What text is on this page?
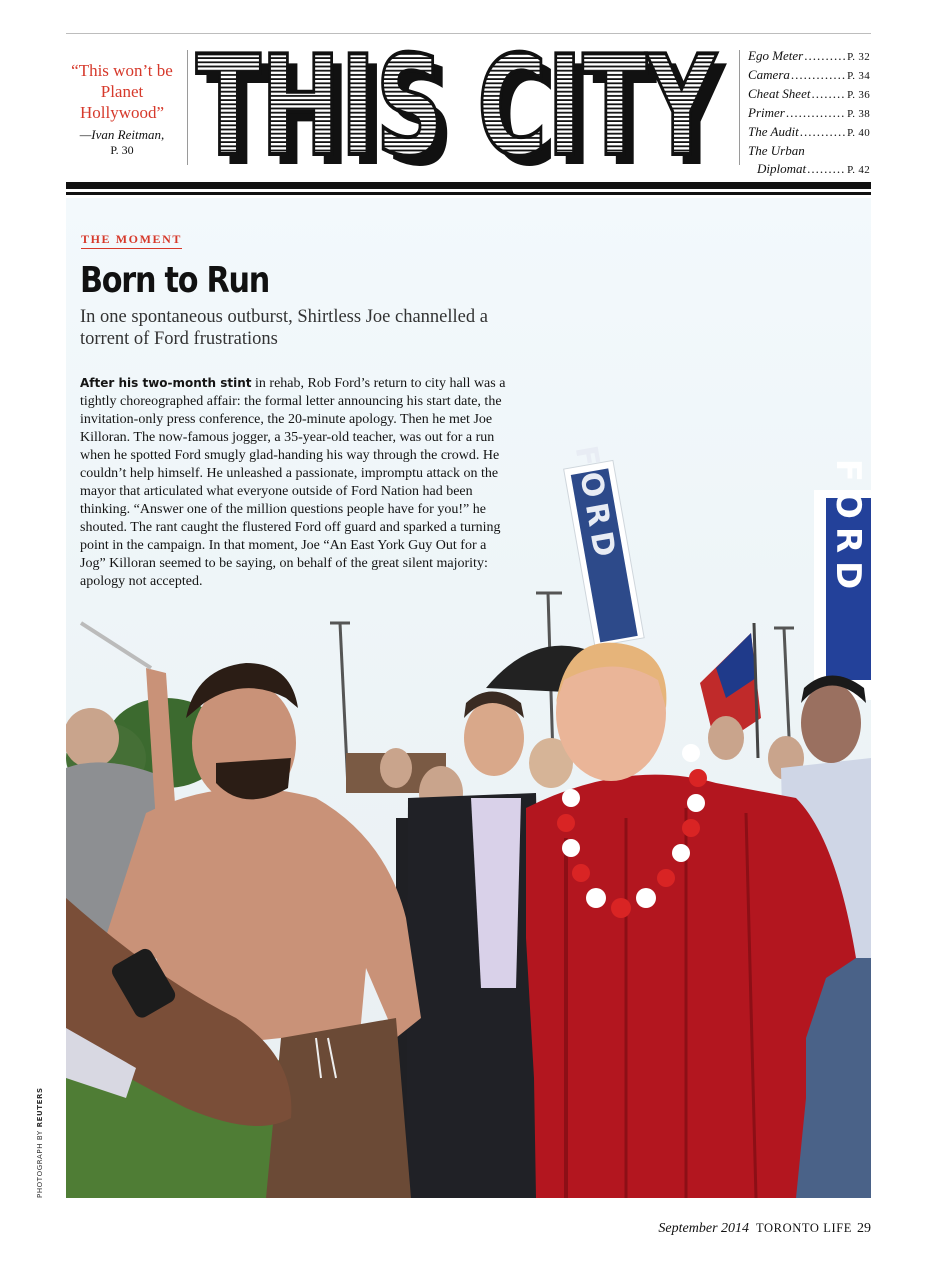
“This won’t be Planet Hollywood”
—Ivan Reitman,
P. 30 THIS CITY
THIS CITY Ego Meter .....	P. 32
Camera .....	P. 34
Cheat Sheet .....	P. 36
Primer .....	P. 38
The Audit .....	P. 40
The Urban
Diplomat .....	P. 42
FORD	FORD
THE MOMENT
Born to Run
In one spontaneous outburst, Shirtless Joe channelled a torrent of Ford frustrations
After his two-month stint in rehab, Rob Ford’s return to city hall was a tightly choreographed affair: the formal letter announcing his start date, the invitation-only press conference, the 20-minute apology. Then he met Joe Killoran. The now-famous jogger, a 35-year-old teacher, was out for a run when he spotted Ford smugly glad-handing his way through the crowd. He couldn’t help himself. He unleashed a passionate, impromptu attack on the mayor that articulated what everyone outside of Ford Nation had been thinking. “Answer one of the million questions people have for you!” he shouted. The rant caught the flustered Ford off guard and sparked a turning point in the campaign. In that moment, Joe “An East York Guy Out for a Jog” Killoran seemed to be saying, on behalf of the great silent majority: apology not accepted.
PHOTOGRAPH BY REUTERS
September 2014 TORONTO LIFE 29
